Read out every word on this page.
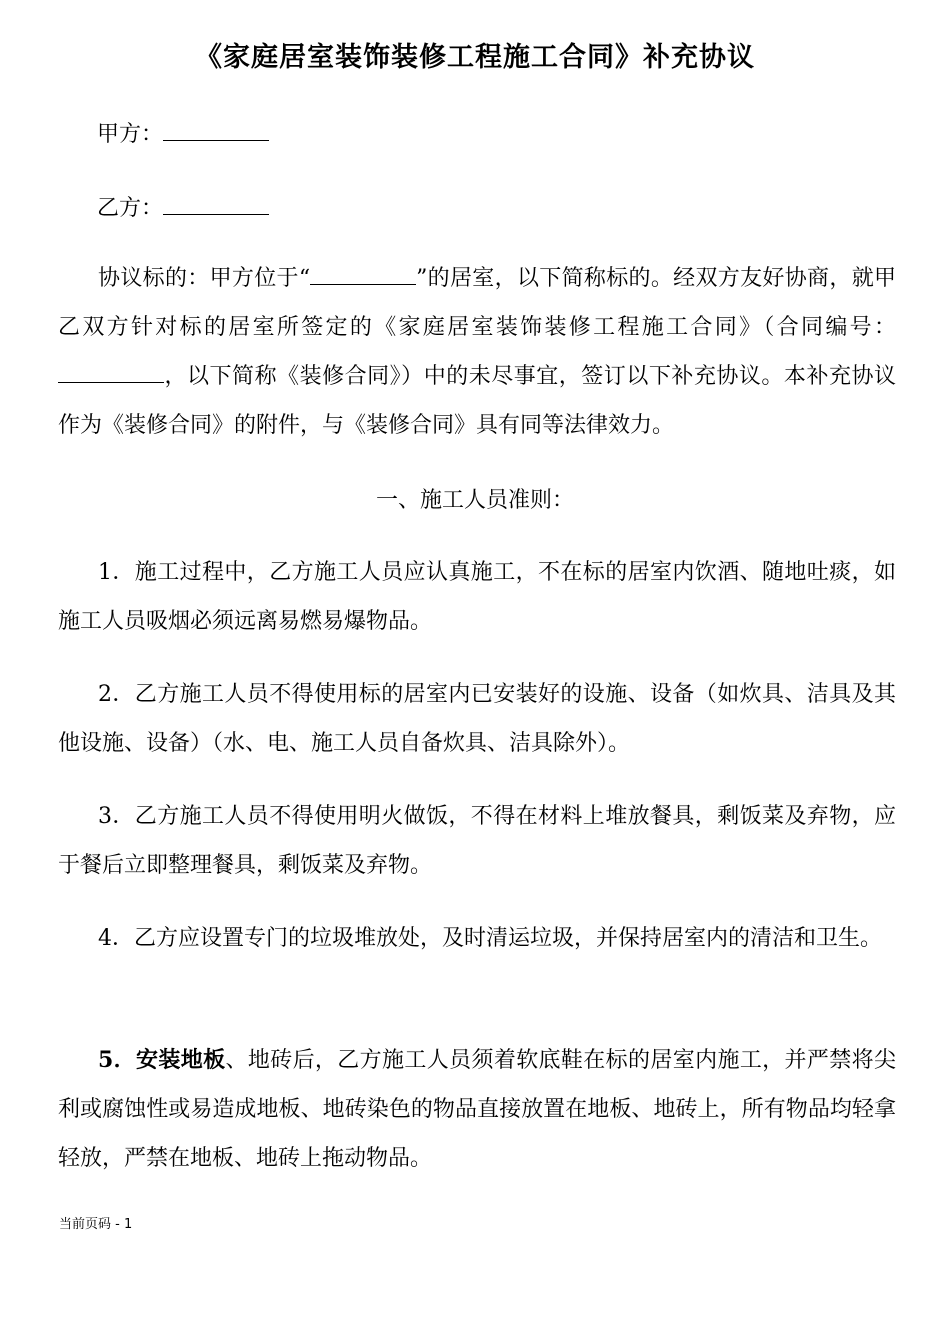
《家庭居室装饰装修工程施工合同》补充协议
甲方：
乙方：
协议标的：甲方位于“	”的居室，以下简称标的。经双方友好协商，就甲乙双方针对标的居室所签定的《家庭居室装饰装修工程施工合同》（合同编号：，以下简称《装修合同》）中的未尽事宜，签订以下补充协议。本补充协议作为《装修合同》的附件，与《装修合同》具有同等法律效力。
一、施工人员准则：
1．施工过程中，乙方施工人员应认真施工，不在标的居室内饮酒、随地吐痰，如施工人员吸烟必须远离易燃易爆物品。
2．乙方施工人员不得使用标的居室内已安装好的设施、设备（如炊具、洁具及其他设施、设备）（水、电、施工人员自备炊具、洁具除外）。
3．乙方施工人员不得使用明火做饭，不得在材料上堆放餐具，剩饭菜及弃物，应于餐后立即整理餐具，剩饭菜及弃物。
4．乙方应设置专门的垃圾堆放处，及时清运垃圾，并保持居室内的清洁和卫生。
5．安装地板、地砖后，乙方施工人员须着软底鞋在标的居室内施工，并严禁将尖利或腐蚀性或易造成地板、地砖染色的物品直接放置在地板、地砖上，所有物品均轻拿轻放，严禁在地板、地砖上拖动物品。
当前页码 - 1
